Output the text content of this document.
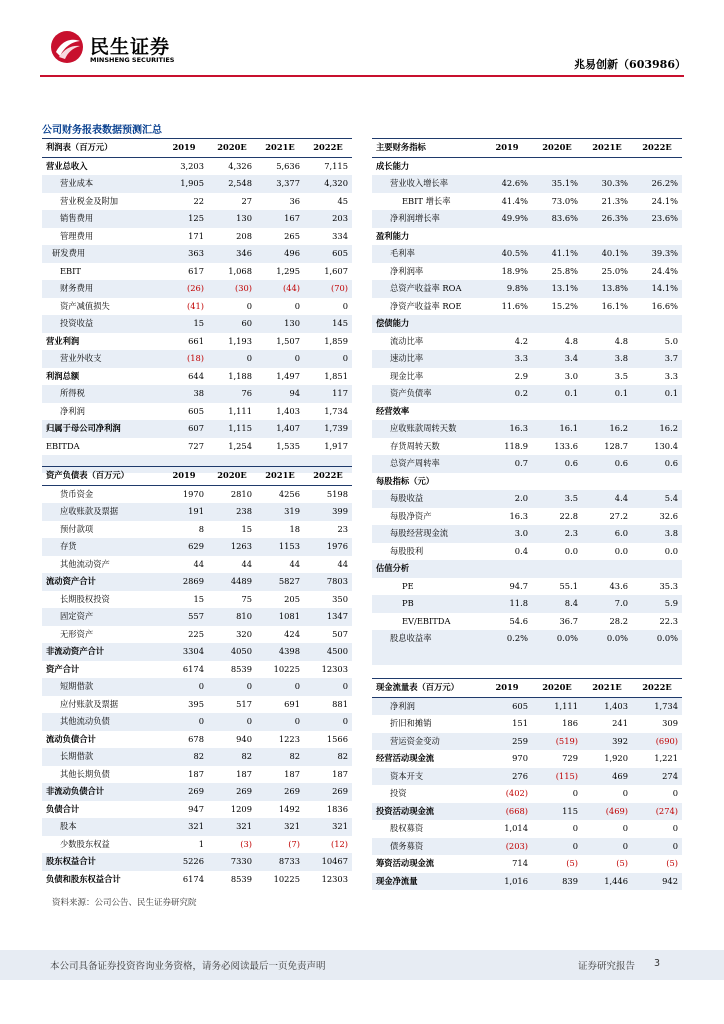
民生证券
MINSHENG SECURITIES	兆易创新（603986）
公司财务报表数据预测汇总
利润表（百万元）	2019	2020E	2021E	2022E
营业总收入	3,203	4,326	5,636	7,115
营业成本	1,905	2,548	3,377	4,320
营业税金及附加	22	27	36	45
销售费用	125	130	167	203
管理费用	171	208	265	334
研发费用	363	346	496	605
EBIT	617	1,068	1,295	1,607
财务费用	(26)	(30)	(44)	(70)
资产减值损失	(41)	0	0	0
投资收益	15	60	130	145
营业利润	661	1,193	1,507	1,859
营业外收支	(18)	0	0	0
利润总额	644	1,188	1,497	1,851
所得税	38	76	94	117
净利润	605	1,111	1,403	1,734
归属于母公司净利润	607	1,115	1,407	1,739
EBITDA	727	1,254	1,535	1,917

资产负债表（百万元）	2019	2020E	2021E	2022E
货币资金	1970	2810	4256	5198
应收账款及票据	191	238	319	399
预付款项	8	15	18	23
存货	629	1263	1153	1976
其他流动资产	44	44	44	44
流动资产合计	2869	4489	5827	7803
长期股权投资	15	75	205	350
固定资产	557	810	1081	1347
无形资产	225	320	424	507
非流动资产合计	3304	4050	4398	4500
资产合计	6174	8539	10225	12303
短期借款	0	0	0	0
应付账款及票据	395	517	691	881
其他流动负债	0	0	0	0
流动负债合计	678	940	1223	1566
长期借款	82	82	82	82
其他长期负债	187	187	187	187
非流动负债合计	269	269	269	269
负债合计	947	1209	1492	1836
股本	321	321	321	321
少数股东权益	1	(3)	(7)	(12)
股东权益合计	5226	7330	8733	10467
负债和股东权益合计	6174	8539	10225	12303
主要财务指标	2019	2020E	2021E	2022E
成长能力				
营业收入增长率	42.6%	35.1%	30.3%	26.2%
EBIT 增长率	41.4%	73.0%	21.3%	24.1%
净利润增长率	49.9%	83.6%	26.3%	23.6%
盈利能力				
毛利率	40.5%	41.1%	40.1%	39.3%
净利润率	18.9%	25.8%	25.0%	24.4%
总资产收益率 ROA	9.8%	13.1%	13.8%	14.1%
净资产收益率 ROE	11.6%	15.2%	16.1%	16.6%
偿债能力				
流动比率	4.2	4.8	4.8	5.0
速动比率	3.3	3.4	3.8	3.7
现金比率	2.9	3.0	3.5	3.3
资产负债率	0.2	0.1	0.1	0.1
经营效率				
应收账款周转天数	16.3	16.1	16.2	16.2
存货周转天数	118.9	133.6	128.7	130.4
总资产周转率	0.7	0.6	0.6	0.6
每股指标（元）				
每股收益	2.0	3.5	4.4	5.4
每股净资产	16.3	22.8	27.2	32.6
每股经营现金流	3.0	2.3	6.0	3.8
每股股利	0.4	0.0	0.0	0.0
估值分析				
PE	94.7	55.1	43.6	35.3
PB	11.8	8.4	7.0	5.9
EV/EBITDA	54.6	36.7	28.2	22.3
股息收益率	0.2%	0.0%	0.0%	0.0%

现金流量表（百万元）	2019	2020E	2021E	2022E
净利润	605	1,111	1,403	1,734
折旧和摊销	151	186	241	309
营运资金变动	259	(519)	392	(690)
经营活动现金流	970	729	1,920	1,221
资本开支	276	(115)	469	274
投资	(402)	0	0	0
投资活动现金流	(668)	115	(469)	(274)
股权募资	1,014	0	0	0
债务募资	(203)	0	0	0
筹资活动现金流	714	(5)	(5)	(5)
现金净流量	1,016	839	1,446	942
资料来源：公司公告、民生证券研究院
本公司具备证券投资咨询业务资格，请务必阅读最后一页免责声明	证券研究报告 3
